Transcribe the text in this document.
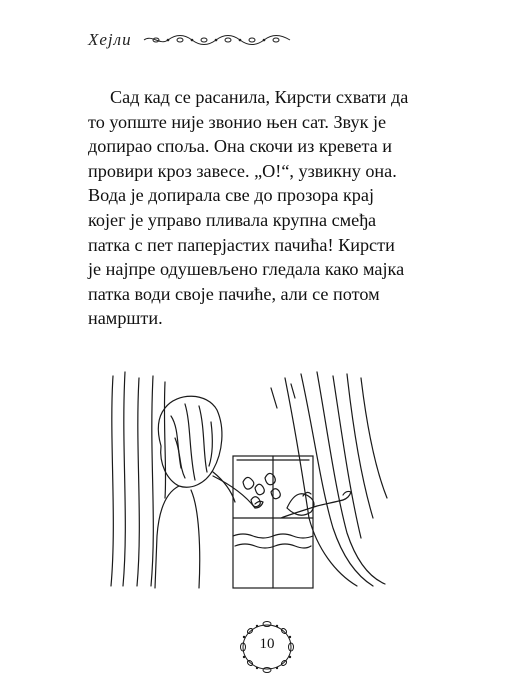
Хејли

Сад кад се расанила, Кирсти схвати да
то уопште није звонио њен сат. Звук је
допирао споља. Она скочи из кревета и
провири кроз завесе. „О!“, узвикну она.
Вода је допирала све до прозора крај
којег је управо пливала крупна смеђа
патка с пет паперјастих пачића! Кирсти
је најпре одушевљено гледала како мајка
патка води своје пачиће, али се потом
намршти.

10
